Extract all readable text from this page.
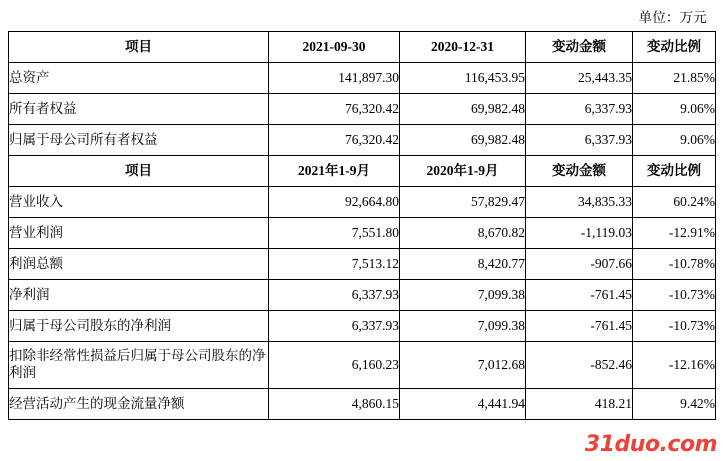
单位：万元
项目	2021-09-30	2020-12-31	变动金额	变动比例
总资产	141,897.30	116,453.95	25,443.35	21.85%
所有者权益	76,320.42	69,982.48	6,337.93	9.06%
归属于母公司所有者权益	76,320.42	69,982.48	6,337.93	9.06%
项目	2021年1-9月	2020年1-9月	变动金额	变动比例
营业收入	92,664.80	57,829.47	34,835.33	60.24%
营业利润	7,551.80	8,670.82	-1,119.03	-12.91%
利润总额	7,513.12	8,420.77	-907.66	-10.78%
净利润	6,337.93	7,099.38	-761.45	-10.73%
归属于母公司股东的净利润	6,337.93	7,099.38	-761.45	-10.73%
扣除非经常性损益后归属于母公司股东的净利润	6,160.23	7,012.68	-852.46	-12.16%
经营活动产生的现金流量净额	4,860.15	4,441.94	418.21	9.42%
31duo.com
